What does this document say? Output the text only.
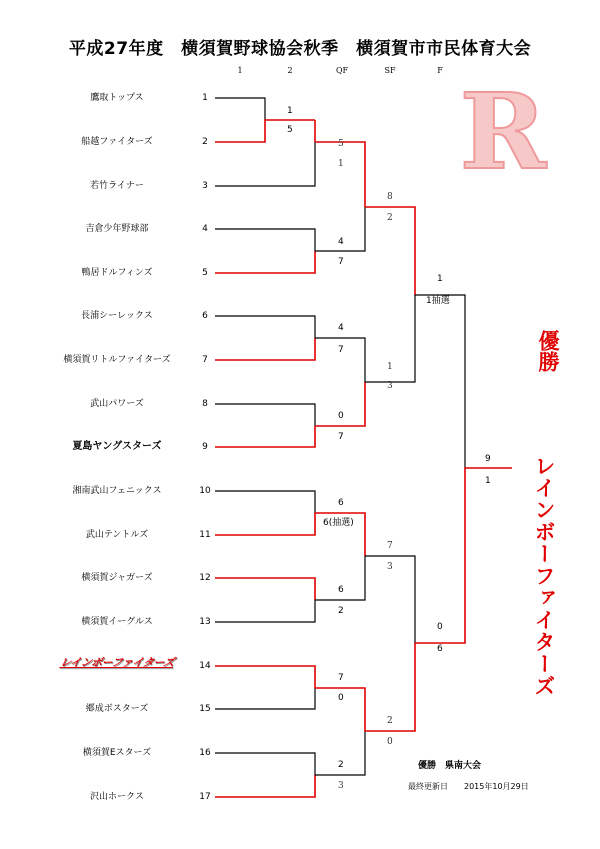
平成27年度　横須賀野球協会秋季　横須賀市市民体育大会
1	2	QF	SF	F
鷹取トップス
船越ファイターズ
若竹ライナー
吉倉少年野球部
鴨居ドルフィンズ
長浦シーレックス
横須賀リトルファイターズ
武山パワーズ
夏島ヤングスターズ
湘南武山フェニックス
武山テントルズ
横須賀ジャガーズ
横須賀イーグルス
レインボーファイターズ
鄕成ボスターズ
横須賀Eスターズ
沢山ホークス
1
2
3
4
5
6
7
8
9
10
11
12
13
14
15
16
17
R
1
5
5
1
4
7
4
7
0
7
6
6(抽選)
6
2
7
0
2
3
8
2
1
3
7
3
2
0
1
1抽選
0
6
9
1
優勝
レインボーファイターズ
優勝　県南大会
最終更新日　　2015年10月29日
